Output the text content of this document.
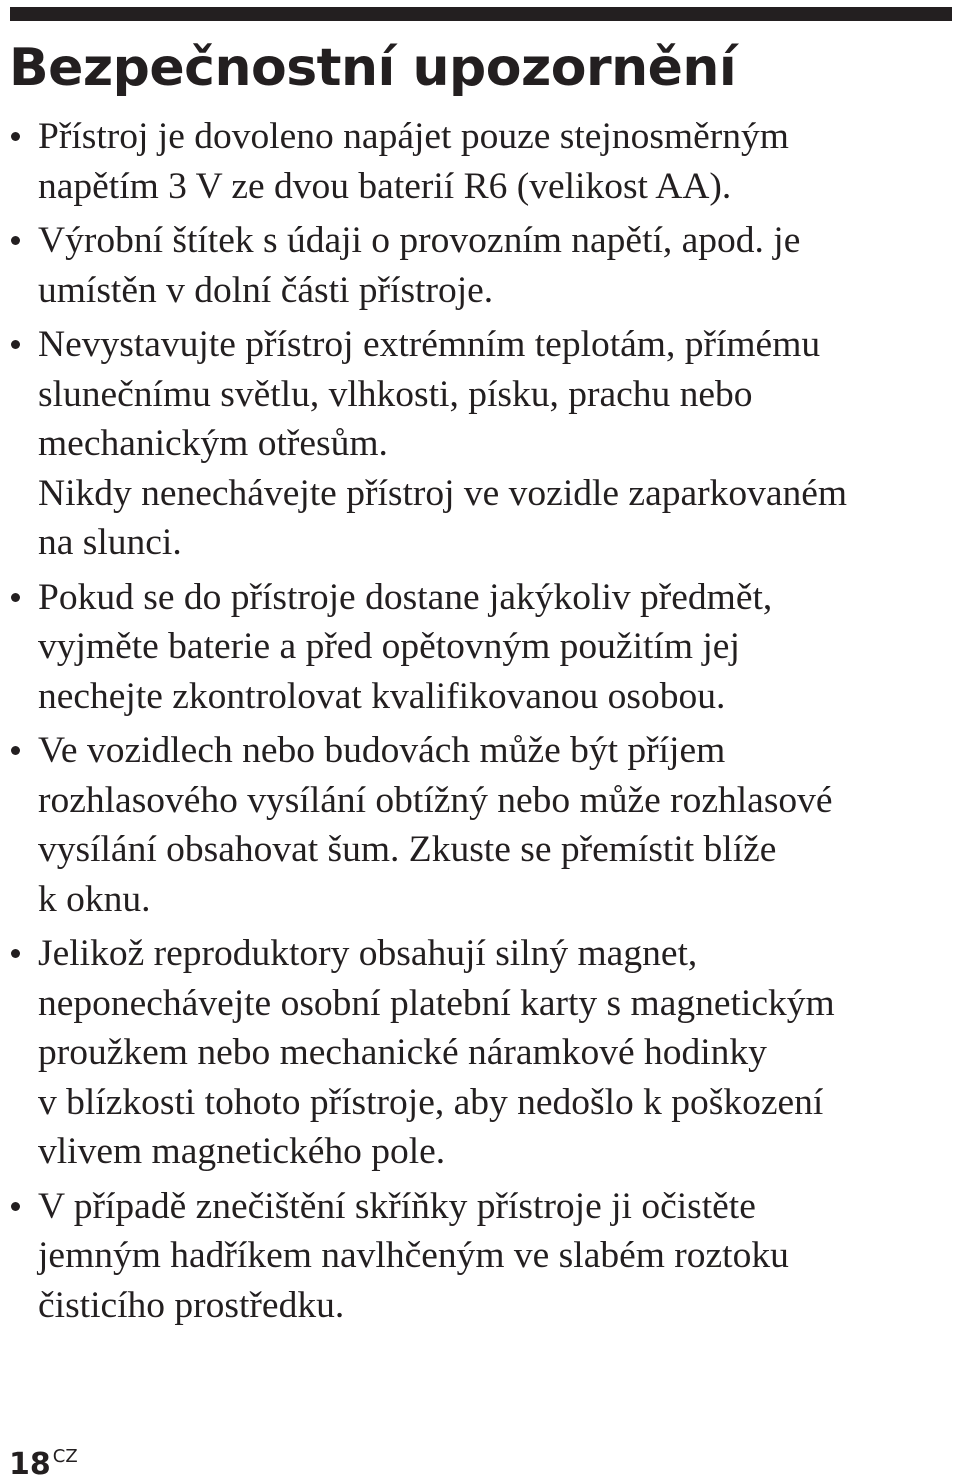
Bezpečnostní upozornění
Přístroj je dovoleno napájet pouze stejnosměrným
napětím 3 V ze dvou baterií R6 (velikost AA).
Výrobní štítek s údaji o provozním napětí, apod. je
umístěn v dolní části přístroje.
Nevystavujte přístroj extrémním teplotám, přímému
slunečnímu světlu, vlhkosti, písku, prachu nebo
mechanickým otřesům.
Nikdy nenechávejte přístroj ve vozidle zaparkovaném
na slunci.
Pokud se do přístroje dostane jakýkoliv předmět,
vyjměte baterie a před opětovným použitím jej
nechejte zkontrolovat kvalifikovanou osobou.
Ve vozidlech nebo budovách může být příjem
rozhlasového vysílání obtížný nebo může rozhlasové
vysílání obsahovat šum. Zkuste se přemístit blíže
k oknu.
Jelikož reproduktory obsahují silný magnet,
neponechávejte osobní platební karty s magnetickým
proužkem nebo mechanické náramkové hodinky
v blízkosti tohoto přístroje, aby nedošlo k poškození
vlivem magnetického pole.
V případě znečištění skříňky přístroje ji očistěte
jemným hadříkem navlhčeným ve slabém roztoku
čisticího prostředku.
18 $^{CZ}$
